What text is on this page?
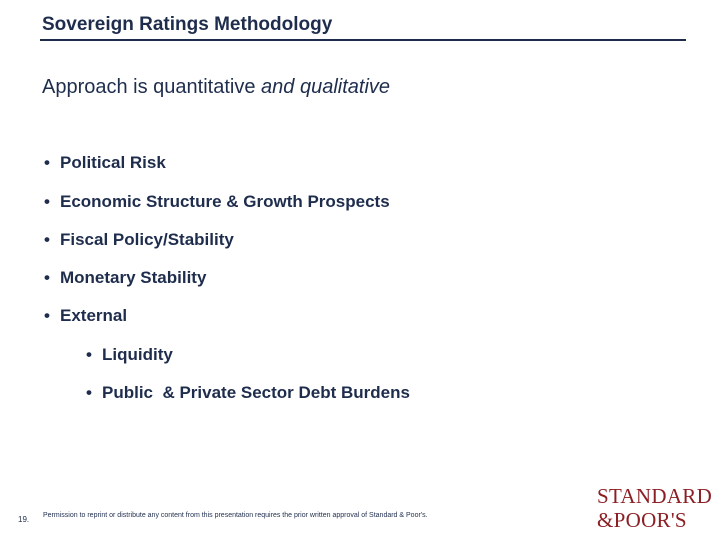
Sovereign Ratings Methodology
Approach is quantitative and qualitative
• Political Risk
• Economic Structure & Growth Prospects
• Fiscal Policy/Stability
• Monetary Stability
• External
• Liquidity
• Public  & Private Sector Debt Burdens
19. Permission to reprint or distribute any content from this presentation requires the prior written approval of Standard & Poor's.
STANDARD
&POOR'S
